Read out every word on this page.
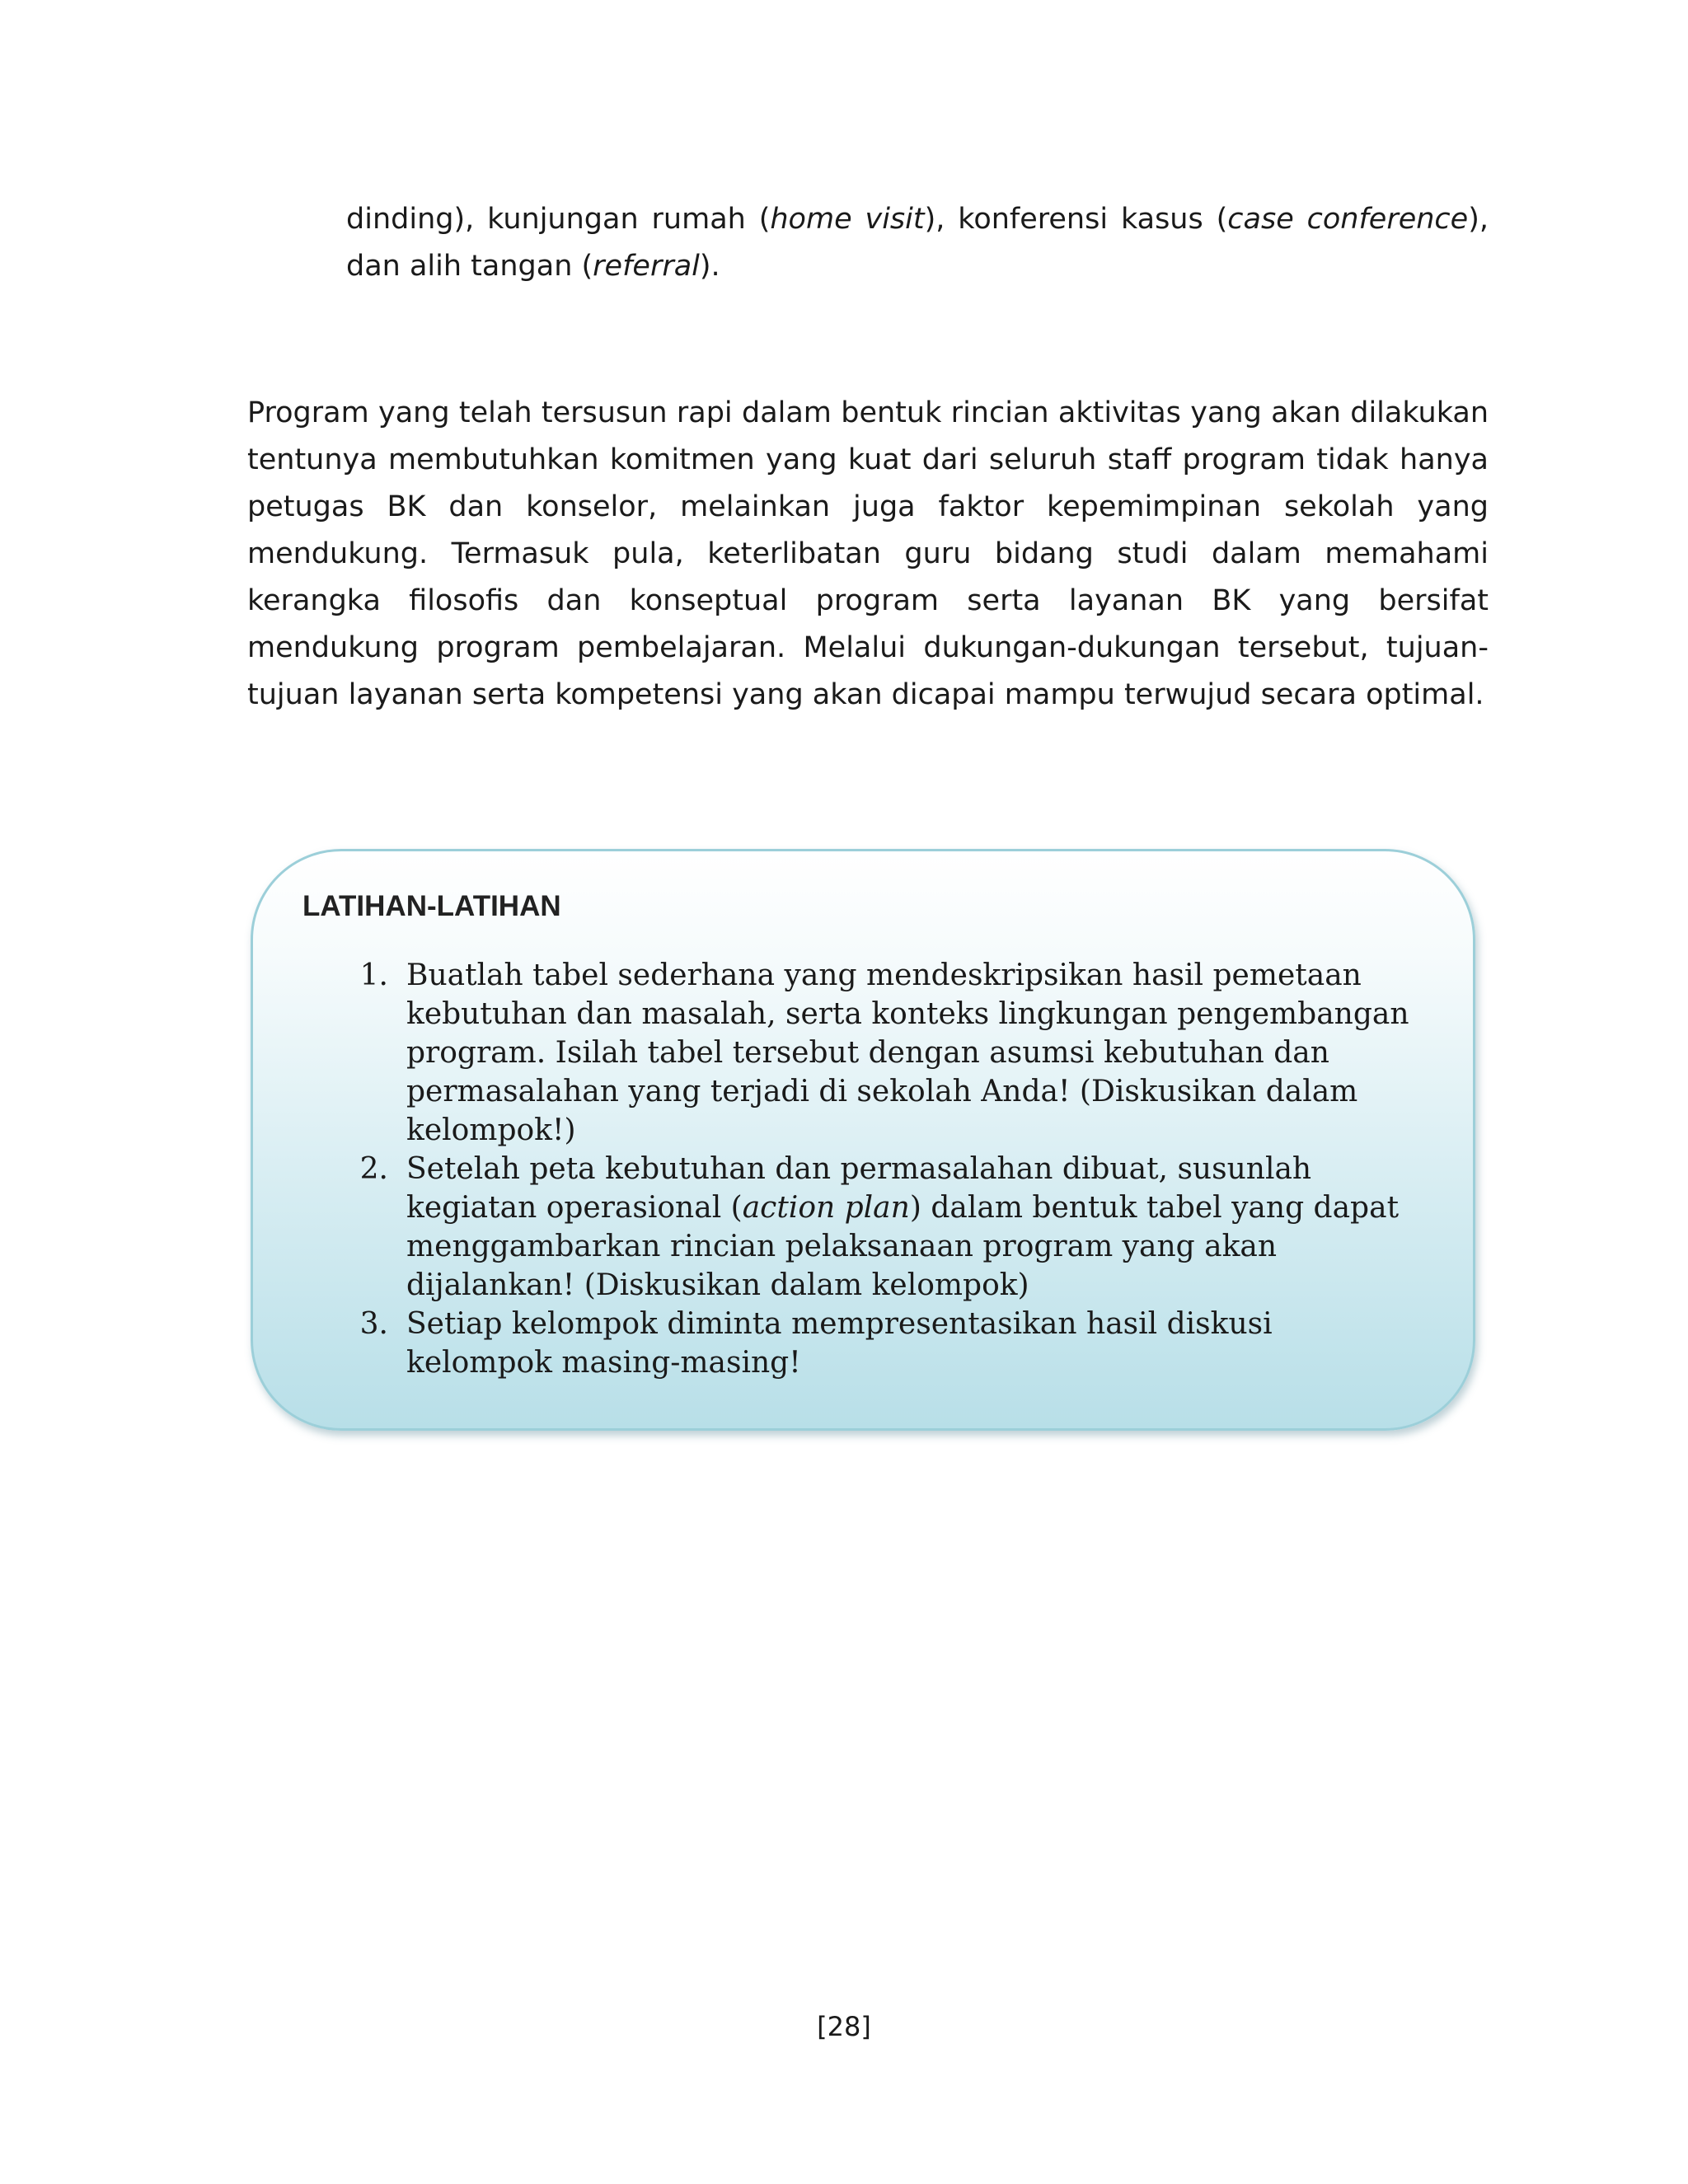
dinding), kunjungan rumah (home visit), konferensi kasus (case conference), dan alih tangan (referral).

Program yang telah tersusun rapi dalam bentuk rincian aktivitas yang akan dilakukan tentunya membutuhkan komitmen yang kuat dari seluruh staff program tidak hanya petugas BK dan konselor, melainkan juga faktor kepemimpinan sekolah yang mendukung. Termasuk pula, keterlibatan guru bidang studi dalam memahami kerangka filosofis dan konseptual program serta layanan BK yang bersifat mendukung program pembelajaran. Melalui dukungan-dukungan tersebut, tujuan-tujuan layanan serta kompetensi yang akan dicapai mampu terwujud secara optimal.

LATIHAN-LATIHAN
1. Buatlah tabel sederhana yang mendeskripsikan hasil pemetaan kebutuhan dan masalah, serta konteks lingkungan pengembangan program. Isilah tabel tersebut dengan asumsi kebutuhan dan permasalahan yang terjadi di sekolah Anda! (Diskusikan dalam kelompok!)
2. Setelah peta kebutuhan dan permasalahan dibuat, susunlah kegiatan operasional (action plan) dalam bentuk tabel yang dapat menggambarkan rincian pelaksanaan program yang akan dijalankan! (Diskusikan dalam kelompok)
3. Setiap kelompok diminta mempresentasikan hasil diskusi kelompok masing-masing!

[28]
